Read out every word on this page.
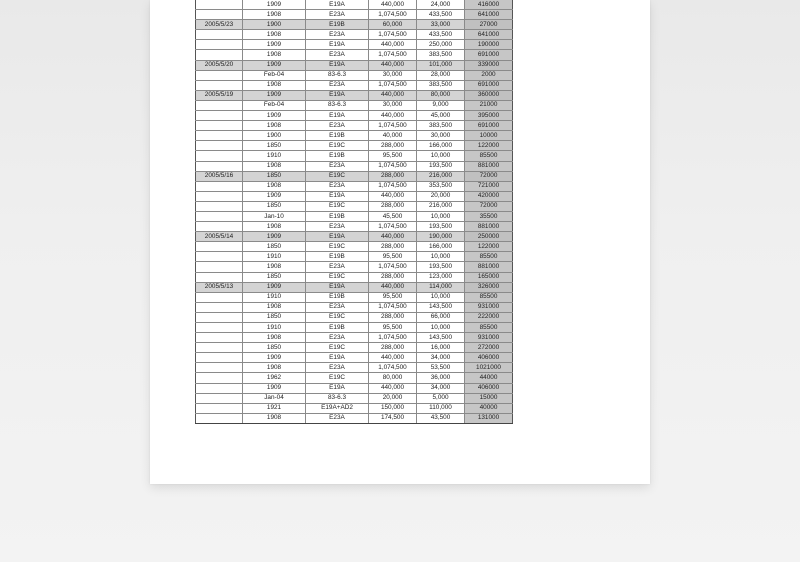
	1909	E19A	440,000	24,000	416000
	1908	E23A	1,074,500	433,500	641000
2005/5/23	1900	E19B	60,000	33,000	27000
	1908	E23A	1,074,500	433,500	641000
	1909	E19A	440,000	250,000	190000
	1908	E23A	1,074,500	383,500	691000
2005/5/20	1909	E19A	440,000	101,000	339000
	Feb-04	83-6.3	30,000	28,000	2000
	1908	E23A	1,074,500	383,500	691000
2005/5/19	1909	E19A	440,000	80,000	360000
	Feb-04	83-6.3	30,000	9,000	21000
	1909	E19A	440,000	45,000	395000
	1908	E23A	1,074,500	383,500	691000
	1900	E19B	40,000	30,000	10000
	1850	E19C	288,000	166,000	122000
	1910	E19B	95,500	10,000	85500
	1908	E23A	1,074,500	193,500	881000
2005/5/16	1850	E19C	288,000	216,000	72000
	1908	E23A	1,074,500	353,500	721000
	1909	E19A	440,000	20,000	420000
	1850	E19C	288,000	216,000	72000
	Jan-10	E19B	45,500	10,000	35500
	1908	E23A	1,074,500	193,500	881000
2005/5/14	1909	E19A	440,000	190,000	250000
	1850	E19C	288,000	166,000	122000
	1910	E19B	95,500	10,000	85500
	1908	E23A	1,074,500	193,500	881000
	1850	E19C	288,000	123,000	165000
2005/5/13	1909	E19A	440,000	114,000	326000
	1910	E19B	95,500	10,000	85500
	1908	E23A	1,074,500	143,500	931000
	1850	E19C	288,000	66,000	222000
	1910	E19B	95,500	10,000	85500
	1908	E23A	1,074,500	143,500	931000
	1850	E19C	288,000	16,000	272000
	1909	E19A	440,000	34,000	406000
	1908	E23A	1,074,500	53,500	1021000
	1962	E19C	80,000	36,000	44000
	1909	E19A	440,000	34,000	406000
	Jan-04	83-6.3	20,000	5,000	15000
	1921	E19A+AD2	150,000	110,000	40000
	1908	E23A	174,500	43,500	131000
